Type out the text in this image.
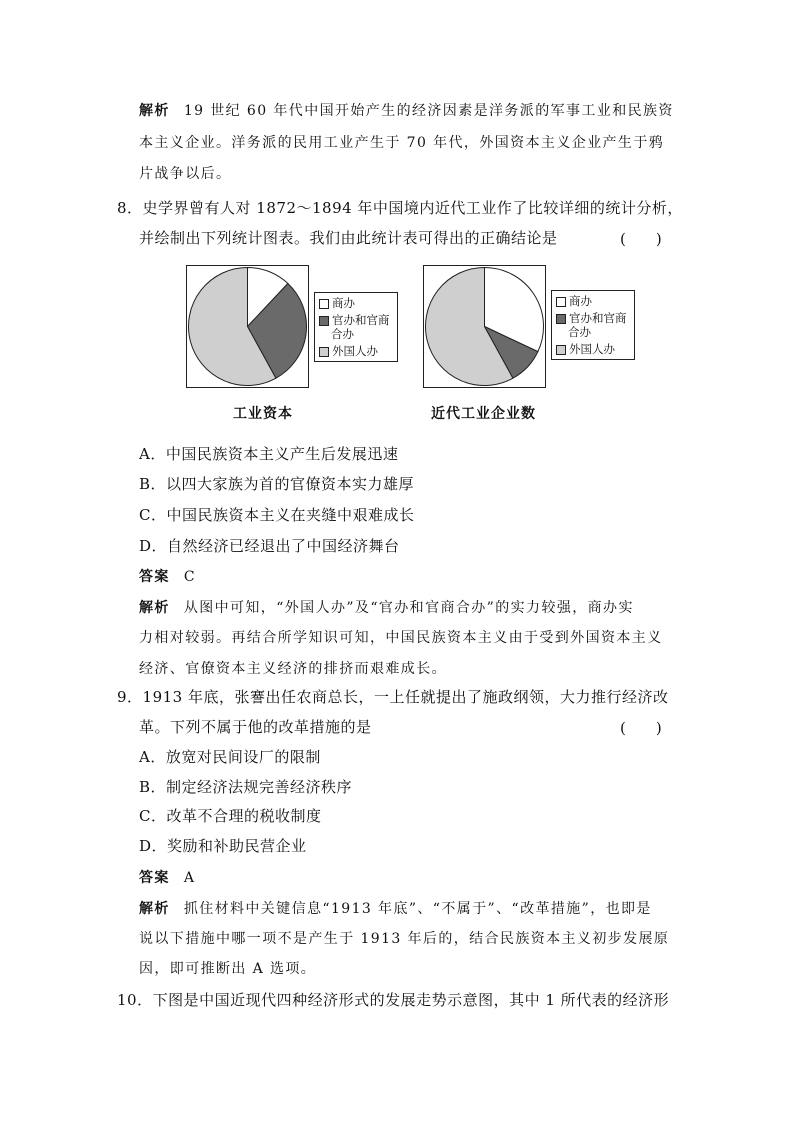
解析 19 世纪 60 年代中国开始产生的经济因素是洋务派的军事工业和民族资
本主义企业。洋务派的民用工业产生于 70 年代，外国资本主义企业产生于鸦
片战争以后。
8．史学界曾有人对 1872～1894 年中国境内近代工业作了比较详细的统计分析，
并绘制出下列统计图表。我们由此统计表可得出的正确结论是	(　　)
商办
官办和官商
合办
外国人办
工业资本
商办
官办和官商
合办
外国人办
近代工业企业数
A．中国民族资本主义产生后发展迅速
B．以四大家族为首的官僚资本实力雄厚
C．中国民族资本主义在夹缝中艰难成长
D．自然经济已经退出了中国经济舞台
答案 C
解析 从图中可知，“外国人办”及“官办和官商合办”的实力较强，商办实
力相对较弱。再结合所学知识可知，中国民族资本主义由于受到外国资本主义
经济、官僚资本主义经济的排挤而艰难成长。
9．1913 年底，张謇出任农商总长，一上任就提出了施政纲领，大力推行经济改
革。下列不属于他的改革措施的是	(　　)
A．放宽对民间设厂的限制
B．制定经济法规完善经济秩序
C．改革不合理的税收制度
D．奖励和补助民营企业
答案 A
解析 抓住材料中关键信息“1913 年底”、“不属于”、“改革措施”，也即是
说以下措施中哪一项不是产生于 1913 年后的，结合民族资本主义初步发展原
因，即可推断出 A 选项。
10．下图是中国近现代四种经济形式的发展走势示意图，其中 1 所代表的经济形
